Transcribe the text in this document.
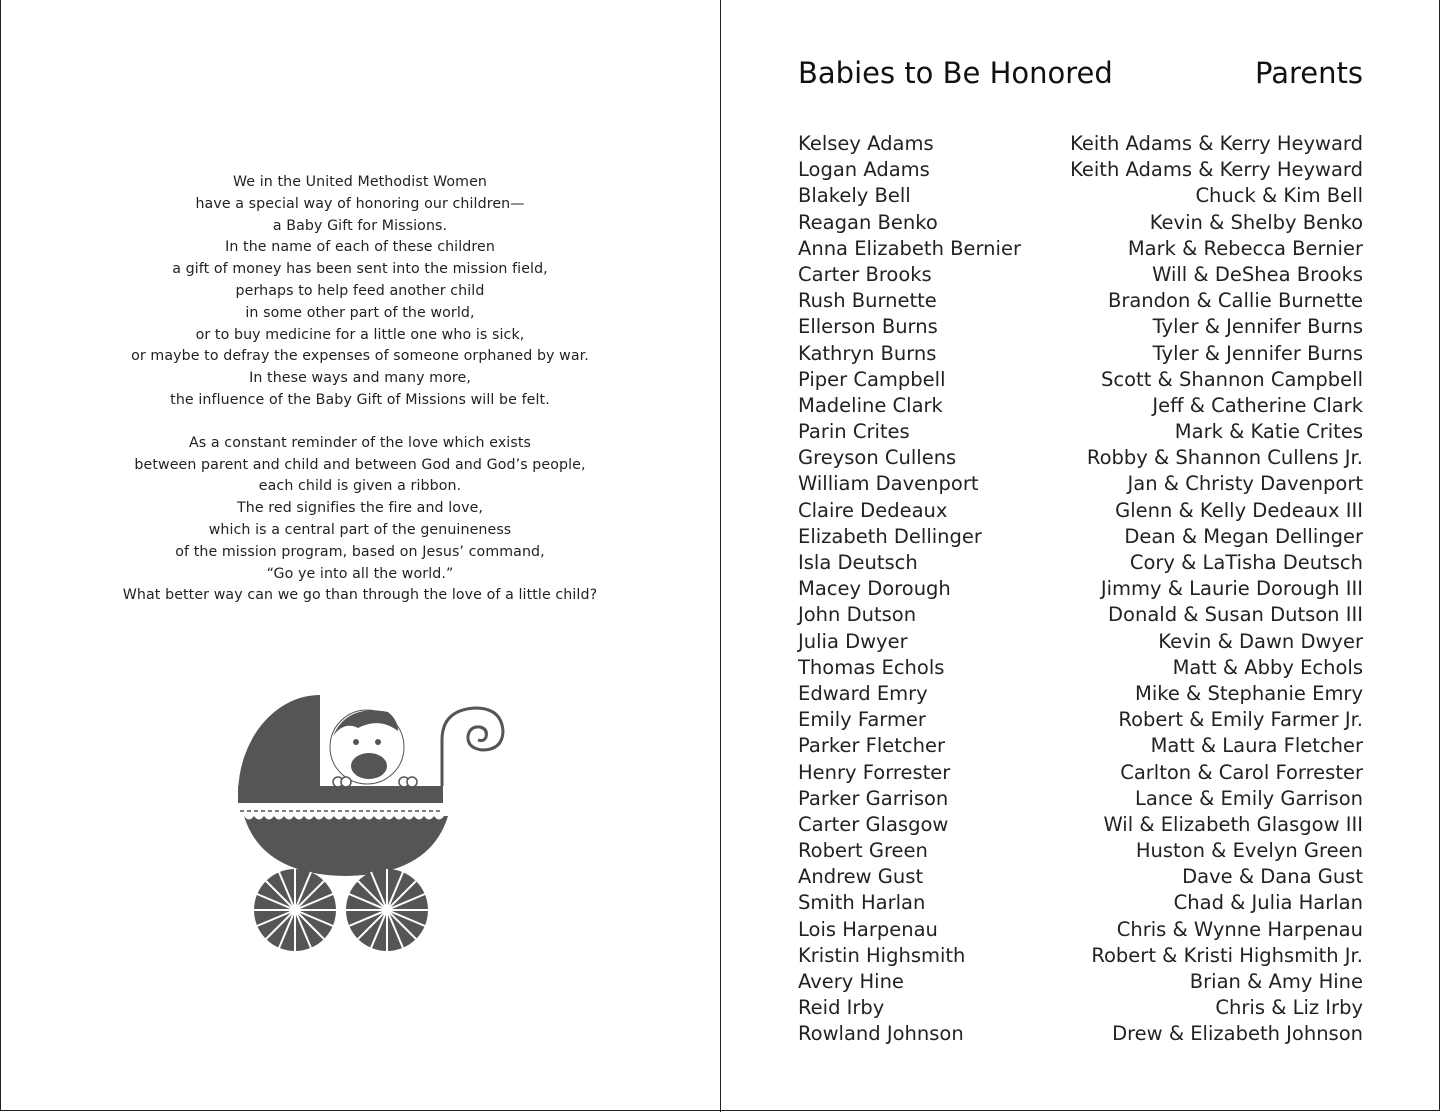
We in the United Methodist Women
have a special way of honoring our children—
a Baby Gift for Missions.
In the name of each of these children
a gift of money has been sent into the mission field,
perhaps to help feed another child
in some other part of the world,
or to buy medicine for a little one who is sick,
or maybe to defray the expenses of someone orphaned by war.
In these ways and many more,
the influence of the Baby Gift of Missions will be felt.

As a constant reminder of the love which exists
between parent and child and between God and God’s people,
each child is given a ribbon.
The red signifies the fire and love,
which is a central part of the genuineness
of the mission program, based on Jesus’ command,
“Go ye into all the world.”
What better way can we go than through the love of a little child?

Babies to Be Honored	Parents
Kelsey Adams	Keith Adams & Kerry Heyward
Logan Adams	Keith Adams & Kerry Heyward
Blakely Bell	Chuck & Kim Bell
Reagan Benko	Kevin & Shelby Benko
Anna Elizabeth Bernier	Mark & Rebecca Bernier
Carter Brooks	Will & DeShea Brooks
Rush Burnette	Brandon & Callie Burnette
Ellerson Burns	Tyler & Jennifer Burns
Kathryn Burns	Tyler & Jennifer Burns
Piper Campbell	Scott & Shannon Campbell
Madeline Clark	Jeff & Catherine Clark
Parin Crites	Mark & Katie Crites
Greyson Cullens	Robby & Shannon Cullens Jr.
William Davenport	Jan & Christy Davenport
Claire Dedeaux	Glenn & Kelly Dedeaux III
Elizabeth Dellinger	Dean & Megan Dellinger
Isla Deutsch	Cory & LaTisha Deutsch
Macey Dorough	Jimmy & Laurie Dorough III
John Dutson	Donald & Susan Dutson III
Julia Dwyer	Kevin & Dawn Dwyer
Thomas Echols	Matt & Abby Echols
Edward Emry	Mike & Stephanie Emry
Emily Farmer	Robert & Emily Farmer Jr.
Parker Fletcher	Matt & Laura Fletcher
Henry Forrester	Carlton & Carol Forrester
Parker Garrison	Lance & Emily Garrison
Carter Glasgow	Wil & Elizabeth Glasgow III
Robert Green	Huston & Evelyn Green
Andrew Gust	Dave & Dana Gust
Smith Harlan	Chad & Julia Harlan
Lois Harpenau	Chris & Wynne Harpenau
Kristin Highsmith	Robert & Kristi Highsmith Jr.
Avery Hine	Brian & Amy Hine
Reid Irby	Chris & Liz Irby
Rowland Johnson	Drew & Elizabeth Johnson
